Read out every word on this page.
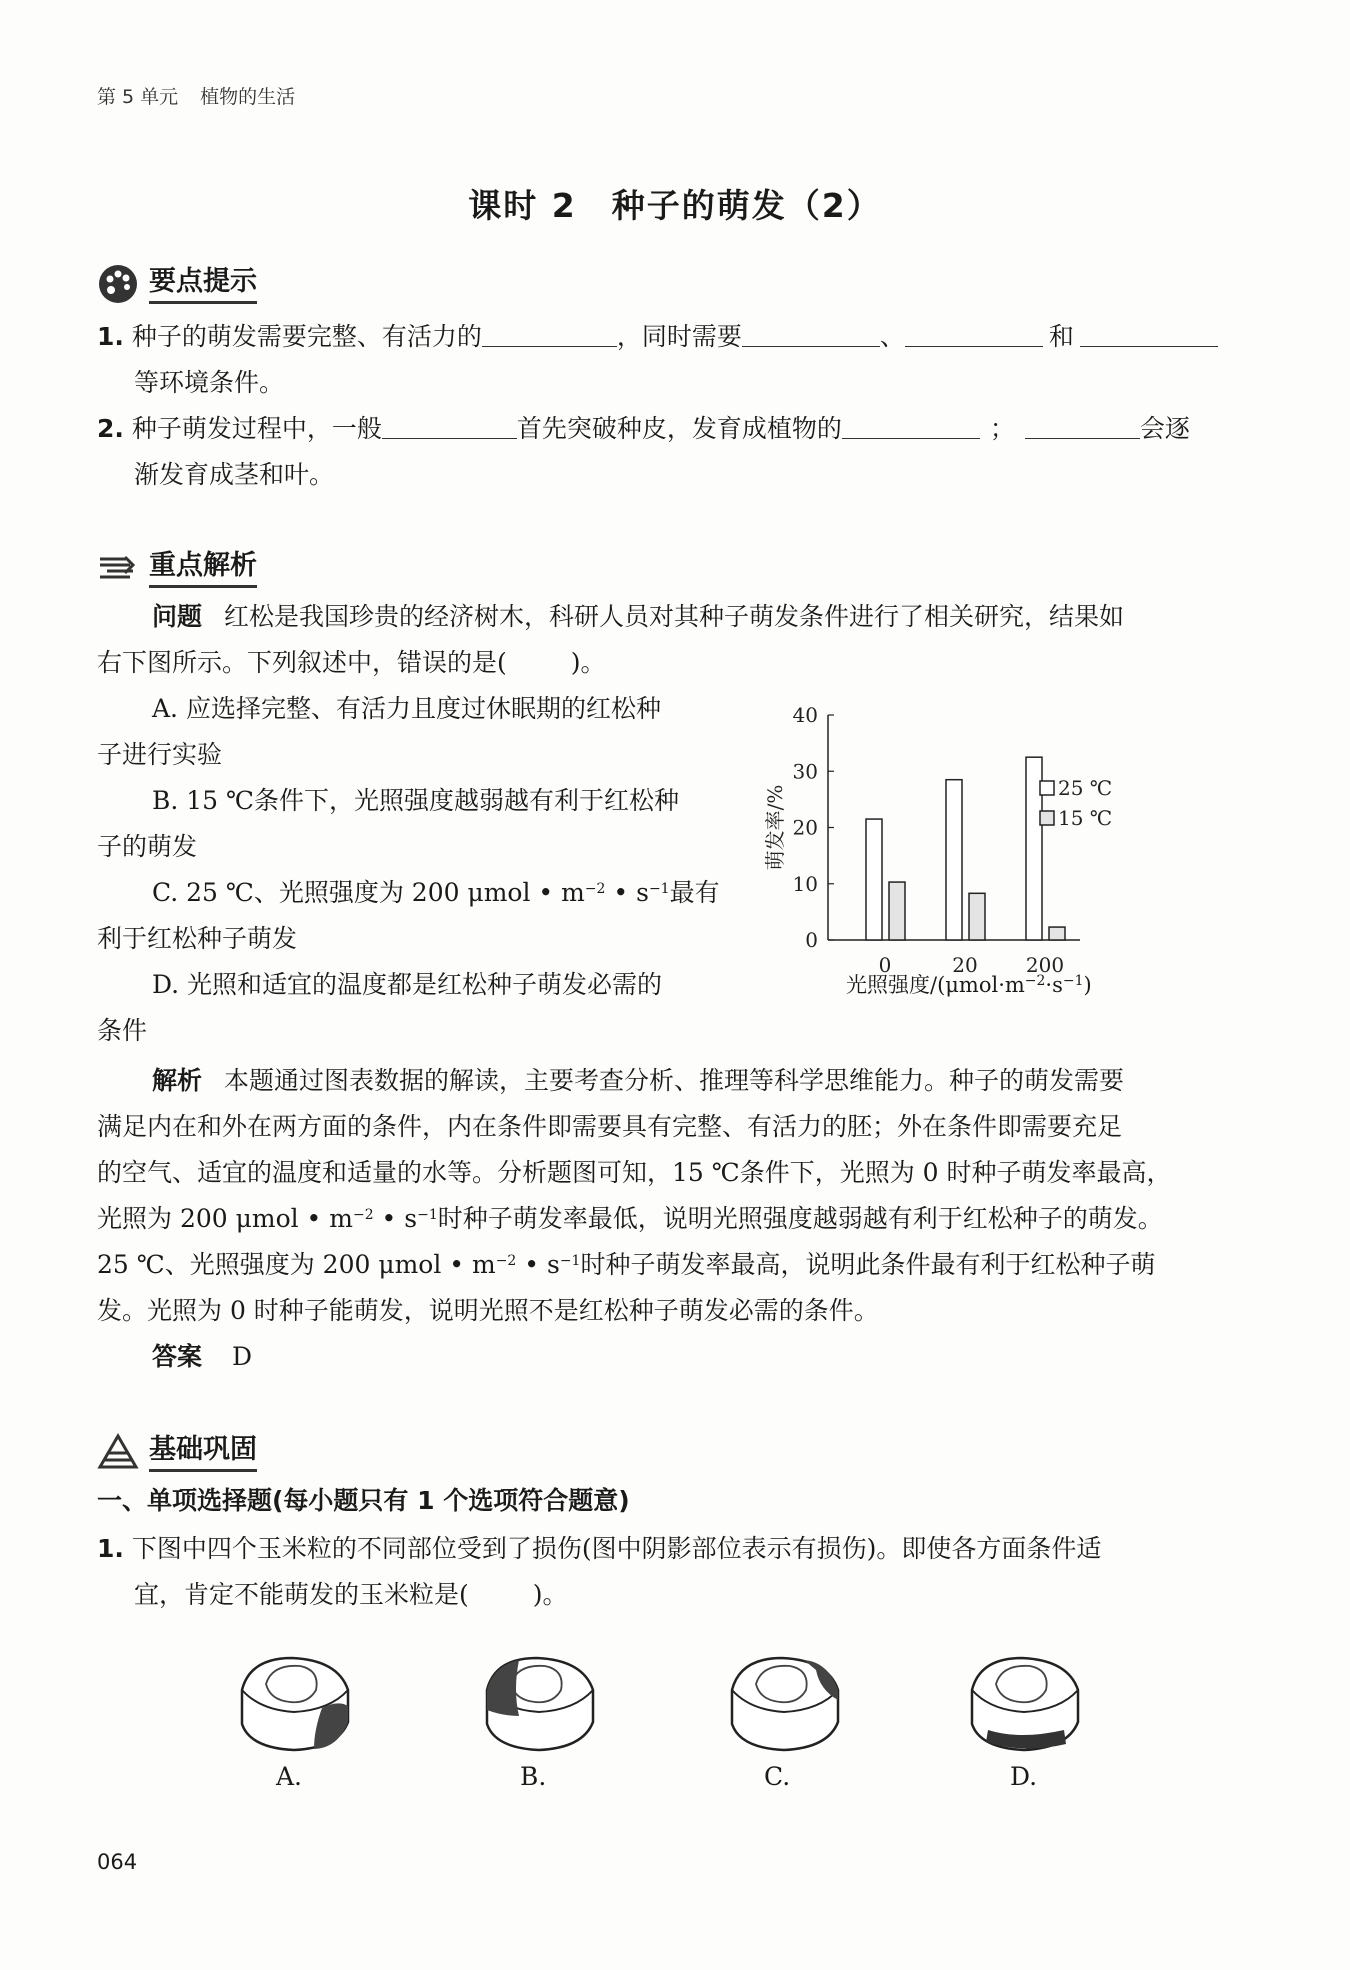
第 5 单元 植物的生活
课时 2　种子的萌发（2）
要点提示
1. 种子的萌发需要完整、有活力的	，同时需要	、	和
等环境条件。
2. 种子萌发过程中，一般	首先突破种皮，发育成植物的	；	会逐
渐发育成茎和叶。
重点解析
问题 红松是我国珍贵的经济树木，科研人员对其种子萌发条件进行了相关研究，结果如
右下图所示。下列叙述中，错误的是(	)。
A. 应选择完整、有活力且度过休眠期的红松种
子进行实验
B. 15 ℃条件下，光照强度越弱越有利于红松种
子的萌发
C. 25 ℃、光照强度为 200 μmol • $m^{-2}$ • $s^{-1}$最有
利于红松种子萌发
D. 光照和适宜的温度都是红松种子萌发必需的
条件
0
10
20
30
40
萌发率/%
0	20 200
25 ℃
15 ℃
光照强度$/(\mu mol\cdot m^{-2}\cdot s^{-1})$
解析 本题通过图表数据的解读，主要考查分析、推理等科学思维能力。种子的萌发需要
满足内在和外在两方面的条件，内在条件即需要具有完整、有活力的胚；外在条件即需要充足
的空气、适宜的温度和适量的水等。分析题图可知，15 ℃条件下，光照为 0 时种子萌发率最高，
光照为 200 μmol • $m^{-2}$ • $s^{-1}$时种子萌发率最低，说明光照强度越弱越有利于红松种子的萌发。
25 ℃、光照强度为 200 μmol • $m^{-2}$ • $s^{-1}$时种子萌发率最高，说明此条件最有利于红松种子萌
发。光照为 0 时种子能萌发，说明光照不是红松种子萌发必需的条件。
答案 D
基础巩固
一、单项选择题(每小题只有 1 个选项符合题意)
1. 下图中四个玉米粒的不同部位受到了损伤(图中阴影部位表示有损伤)。即使各方面条件适
宜，肯定不能萌发的玉米粒是(	)。
A.	B.	C.	D.
064
